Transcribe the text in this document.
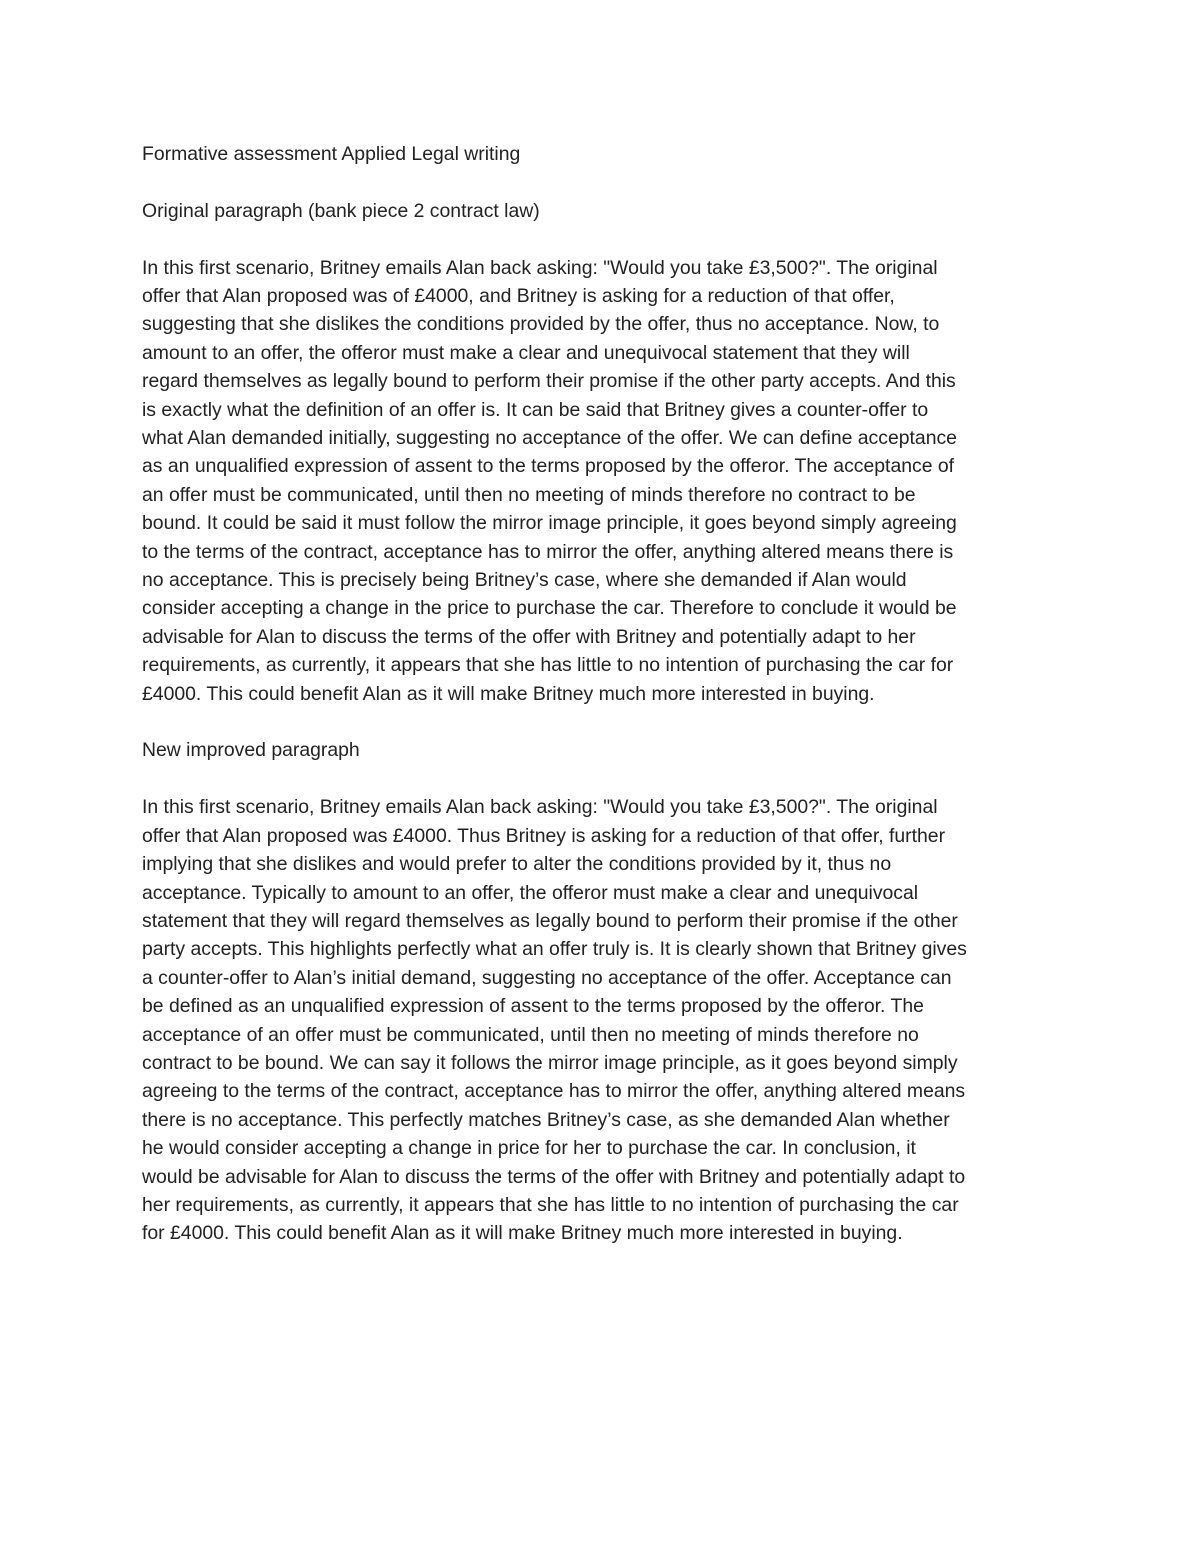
Formative assessment Applied Legal writing
Original paragraph (bank piece 2 contract law)
In this first scenario, Britney emails Alan back asking: "Would you take £3,500?". The original
offer that Alan proposed was of £4000, and Britney is asking for a reduction of that offer,
suggesting that she dislikes the conditions provided by the offer, thus no acceptance. Now, to
amount to an offer, the offeror must make a clear and unequivocal statement that they will
regard themselves as legally bound to perform their promise if the other party accepts. And this
is exactly what the definition of an offer is. It can be said that Britney gives a counter-offer to
what Alan demanded initially, suggesting no acceptance of the offer. We can define acceptance
as an unqualified expression of assent to the terms proposed by the offeror. The acceptance of
an offer must be communicated, until then no meeting of minds therefore no contract to be
bound. It could be said it must follow the mirror image principle, it goes beyond simply agreeing
to the terms of the contract, acceptance has to mirror the offer, anything altered means there is
no acceptance. This is precisely being Britney’s case, where she demanded if Alan would
consider accepting a change in the price to purchase the car. Therefore to conclude it would be
advisable for Alan to discuss the terms of the offer with Britney and potentially adapt to her
requirements, as currently, it appears that she has little to no intention of purchasing the car for
£4000. This could benefit Alan as it will make Britney much more interested in buying.
New improved paragraph
In this first scenario, Britney emails Alan back asking: "Would you take £3,500?". The original
offer that Alan proposed was £4000. Thus Britney is asking for a reduction of that offer, further
implying that she dislikes and would prefer to alter the conditions provided by it, thus no
acceptance. Typically to amount to an offer, the offeror must make a clear and unequivocal
statement that they will regard themselves as legally bound to perform their promise if the other
party accepts. This highlights perfectly what an offer truly is. It is clearly shown that Britney gives
a counter-offer to Alan’s initial demand, suggesting no acceptance of the offer. Acceptance can
be defined as an unqualified expression of assent to the terms proposed by the offeror. The
acceptance of an offer must be communicated, until then no meeting of minds therefore no
contract to be bound. We can say it follows the mirror image principle, as it goes beyond simply
agreeing to the terms of the contract, acceptance has to mirror the offer, anything altered means
there is no acceptance. This perfectly matches Britney’s case, as she demanded Alan whether
he would consider accepting a change in price for her to purchase the car. In conclusion, it
would be advisable for Alan to discuss the terms of the offer with Britney and potentially adapt to
her requirements, as currently, it appears that she has little to no intention of purchasing the car
for £4000. This could benefit Alan as it will make Britney much more interested in buying.
